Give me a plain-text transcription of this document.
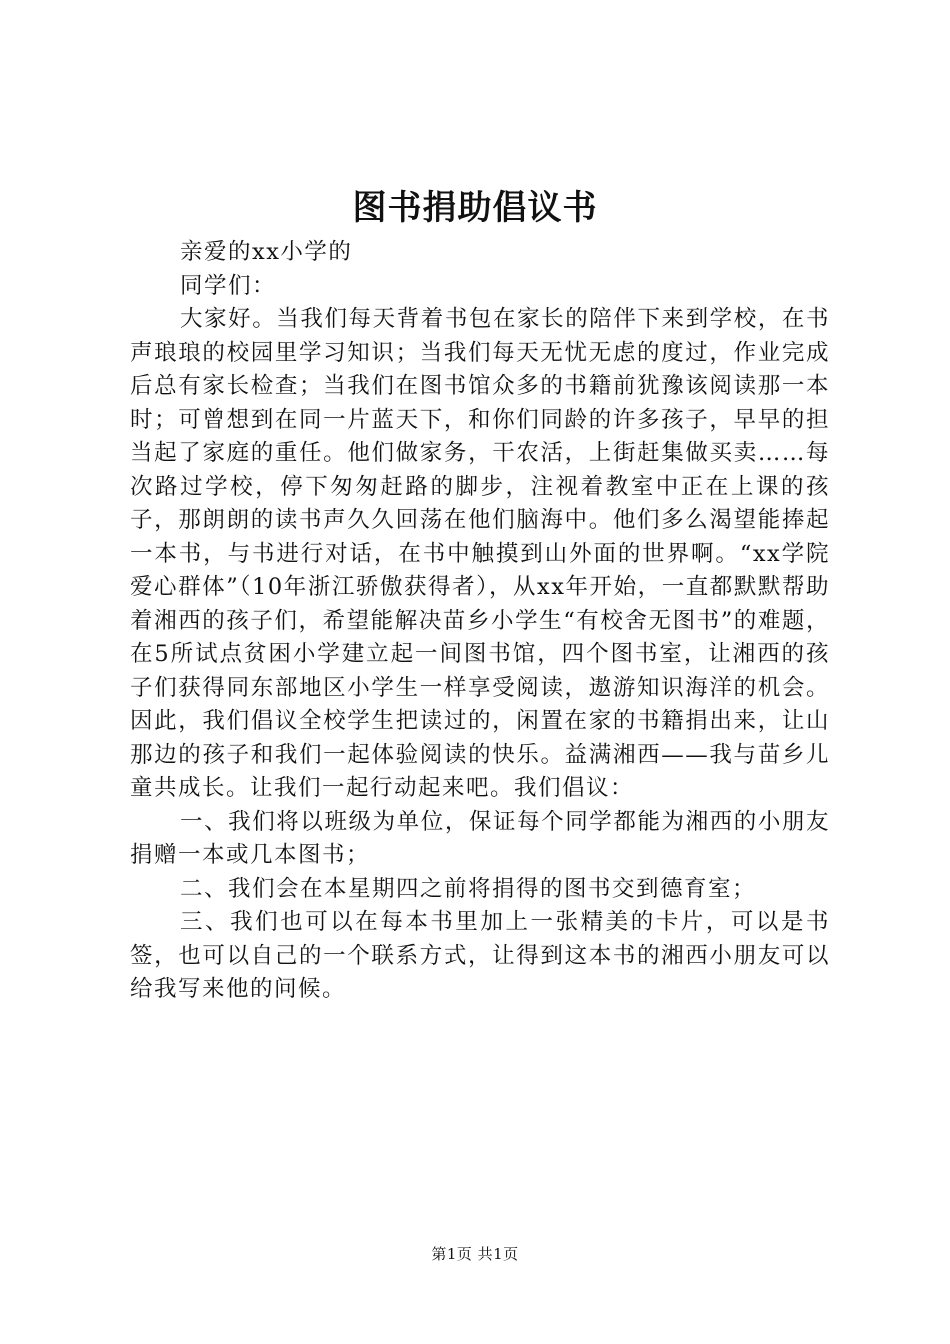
图书捐助倡议书

亲爱的xx小学的

同学们：

大家好。当我们每天背着书包在家长的陪伴下来到学校，在书声琅琅的校园里学习知识；当我们每天无忧无虑的度过，作业完成后总有家长检查；当我们在图书馆众多的书籍前犹豫该阅读那一本时；可曾想到在同一片蓝天下，和你们同龄的许多孩子，早早的担当起了家庭的重任。他们做家务，干农活，上街赶集做买卖……每次路过学校，停下匆匆赶路的脚步，注视着教室中正在上课的孩子，那朗朗的读书声久久回荡在他们脑海中。他们多么渴望能捧起一本书，与书进行对话，在书中触摸到山外面的世界啊。“xx学院爱心群体”（10年浙江骄傲获得者），从xx年开始，一直都默默帮助着湘西的孩子们，希望能解决苗乡小学生“有校舍无图书”的难题，在5所试点贫困小学建立起一间图书馆，四个图书室，让湘西的孩子们获得同东部地区小学生一样享受阅读，遨游知识海洋的机会。因此，我们倡议全校学生把读过的，闲置在家的书籍捐出来，让山那边的孩子和我们一起体验阅读的快乐。益满湘西——我与苗乡儿童共成长。让我们一起行动起来吧。我们倡议：

一、我们将以班级为单位，保证每个同学都能为湘西的小朋友捐赠一本或几本图书；

二、我们会在本星期四之前将捐得的图书交到德育室；

三、我们也可以在每本书里加上一张精美的卡片，可以是书签，也可以自己的一个联系方式，让得到这本书的湘西小朋友可以给我写来他的问候。

第1页 共1页
